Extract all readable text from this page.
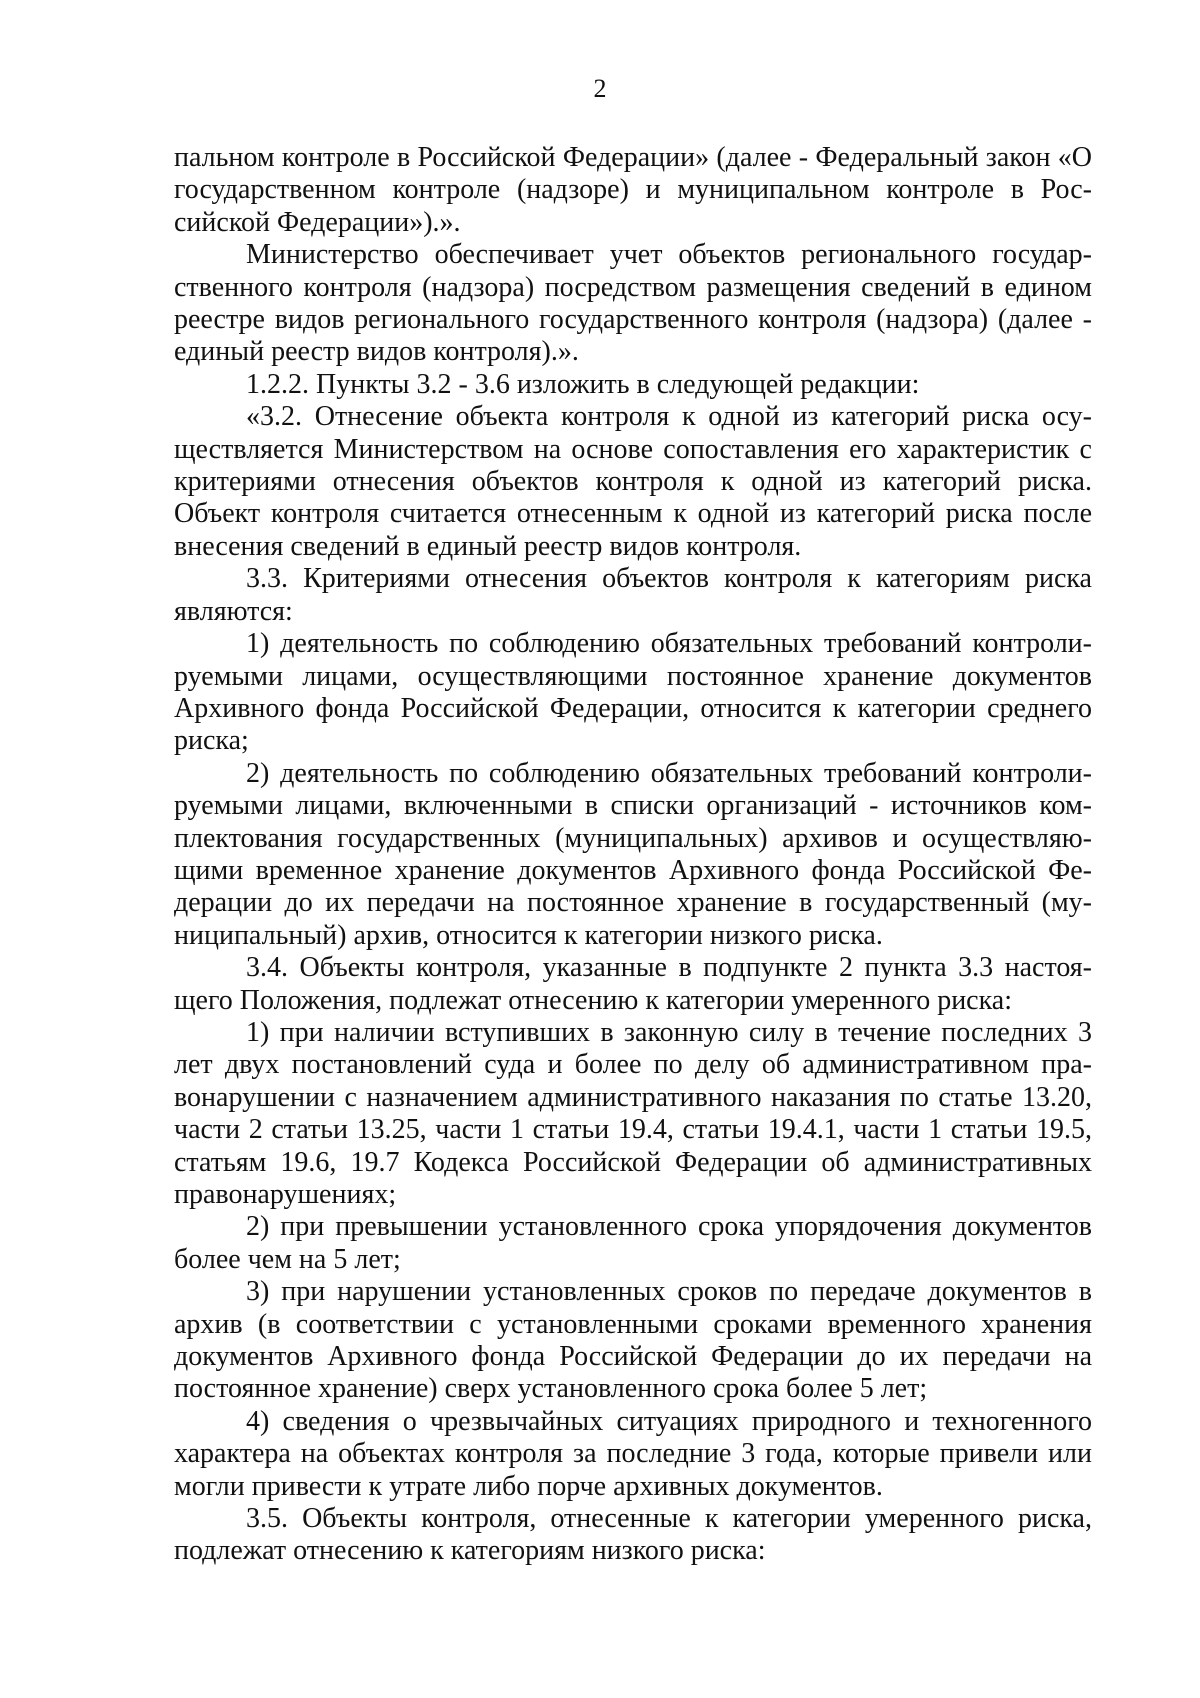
2

пальном контроле в Российской Федерации» (далее - Федеральный закон «О государственном контроле (надзоре) и муниципальном контроле в Российской Федерации»).».

Министерство обеспечивает учет объектов регионального государственного контроля (надзора) посредством размещения сведений в едином реестре видов регионального государственного контроля (надзора) (далее - единый реестр видов контроля).».

1.2.2. Пункты 3.2 - 3.6 изложить в следующей редакции:

«3.2. Отнесение объекта контроля к одной из категорий риска осуществляется Министерством на основе сопоставления его характеристик с критериями отнесения объектов контроля к одной из категорий риска. Объект контроля считается отнесенным к одной из категорий риска после внесения сведений в единый реестр видов контроля.

3.3. Критериями отнесения объектов контроля к категориям риска являются:

1) деятельность по соблюдению обязательных требований контролируемыми лицами, осуществляющими постоянное хранение документов Архивного фонда Российской Федерации, относится к категории среднего риска;

2) деятельность по соблюдению обязательных требований контролируемыми лицами, включенными в списки организаций - источников комплектования государственных (муниципальных) архивов и осуществляющими временное хранение документов Архивного фонда Российской Федерации до их передачи на постоянное хранение в государственный (муниципальный) архив, относится к категории низкого риска.

3.4. Объекты контроля, указанные в подпункте 2 пункта 3.3 настоящего Положения, подлежат отнесению к категории умеренного риска:

1) при наличии вступивших в законную силу в течение последних 3 лет двух постановлений суда и более по делу об административном правонарушении с назначением административного наказания по статье 13.20, части 2 статьи 13.25, части 1 статьи 19.4, статьи 19.4.1, части 1 статьи 19.5, статьям 19.6, 19.7 Кодекса Российской Федерации об административных правонарушениях;

2) при превышении установленного срока упорядочения документов более чем на 5 лет;

3) при нарушении установленных сроков по передаче документов в архив (в соответствии с установленными сроками временного хранения документов Архивного фонда Российской Федерации до их передачи на постоянное хранение) сверх установленного срока более 5 лет;

4) сведения о чрезвычайных ситуациях природного и техногенного характера на объектах контроля за последние 3 года, которые привели или могли привести к утрате либо порче архивных документов.

3.5. Объекты контроля, отнесенные к категории умеренного риска, подлежат отнесению к категориям низкого риска:
